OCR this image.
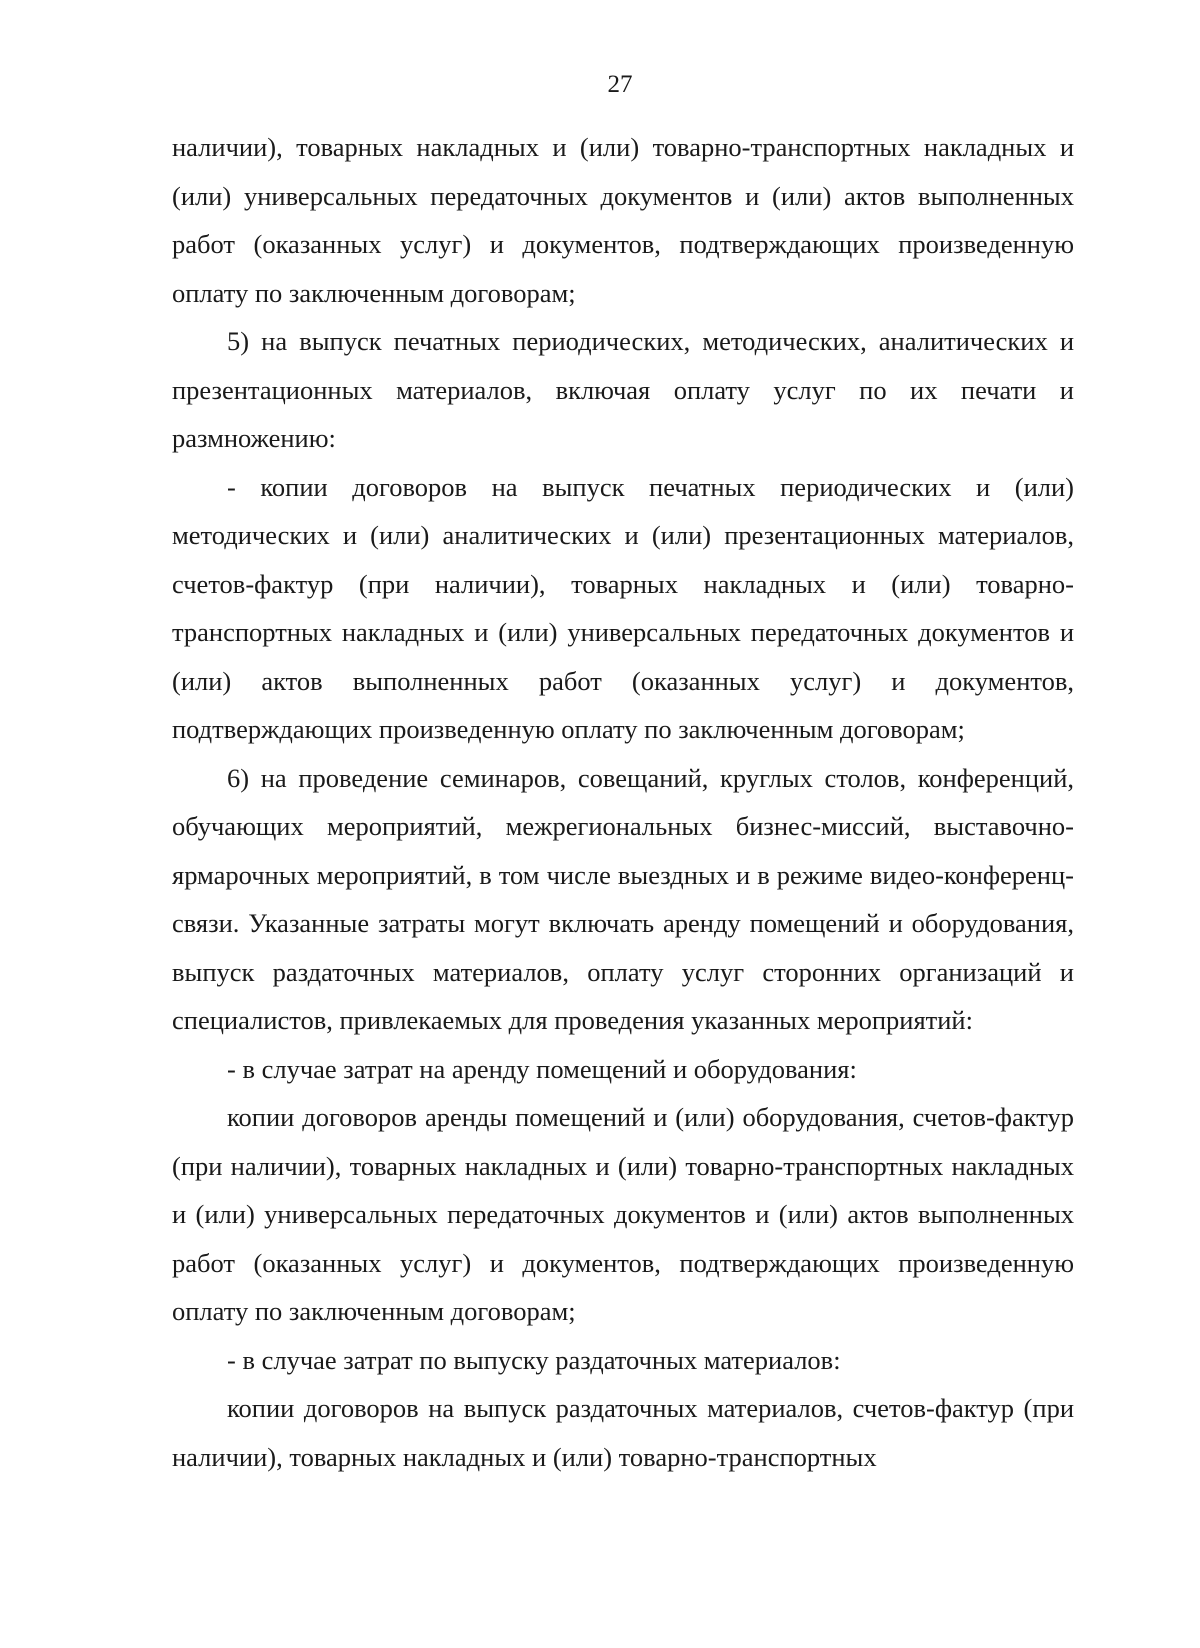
27

наличии), товарных накладных и (или) товарно-транспортных накладных и (или) универсальных передаточных документов и (или) актов выполненных работ (оказанных услуг) и документов, подтверждающих произведенную оплату по заключенным договорам;

5) на выпуск печатных периодических, методических, аналитических и презентационных материалов, включая оплату услуг по их печати и размножению:

- копии договоров на выпуск печатных периодических и (или) методических и (или) аналитических и (или) презентационных материалов, счетов-фактур (при наличии), товарных накладных и (или) товарно-транспортных накладных и (или) универсальных передаточных документов и (или) актов выполненных работ (оказанных услуг) и документов, подтверждающих произведенную оплату по заключенным договорам;

6) на проведение семинаров, совещаний, круглых столов, конференций, обучающих мероприятий, межрегиональных бизнес-миссий, выставочно-ярмарочных мероприятий, в том числе выездных и в режиме видео-конференц-связи. Указанные затраты могут включать аренду помещений и оборудования, выпуск раздаточных материалов, оплату услуг сторонних организаций и специалистов, привлекаемых для проведения указанных мероприятий:

- в случае затрат на аренду помещений и оборудования:

копии договоров аренды помещений и (или) оборудования, счетов-фактур (при наличии), товарных накладных и (или) товарно-транспортных накладных и (или) универсальных передаточных документов и (или) актов выполненных работ (оказанных услуг) и документов, подтверждающих произведенную оплату по заключенным договорам;

- в случае затрат по выпуску раздаточных материалов:

копии договоров на выпуск раздаточных материалов, счетов-фактур (при наличии), товарных накладных и (или) товарно-транспортных
